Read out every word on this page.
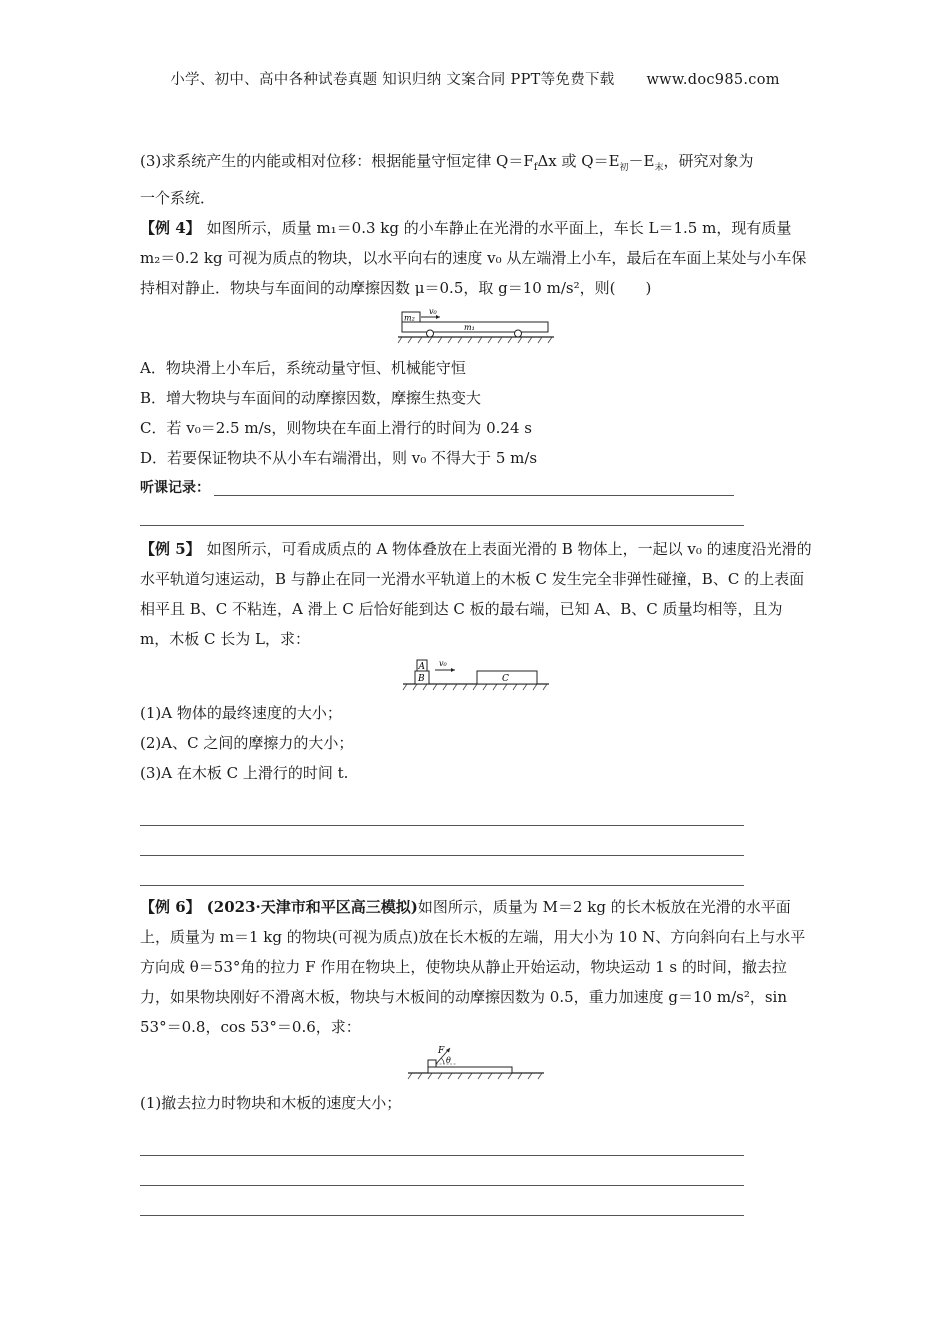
小学、初中、高中各种试卷真题 知识归纳 文案合同 PPT等免费下载 www.doc985.com

(3)求系统产生的内能或相对位移：根据能量守恒定律 $Q=F_f\Delta x$ 或 $Q=E_初-E_末$，研究对象为
一个系统．

【例 4】 如图所示，质量 m₁＝0.3 kg 的小车静止在光滑的水平面上，车长 L＝1.5 m，现有质量 m₂＝0.2 kg 可视为质点的物块，以水平向右的速度 v₀ 从左端滑上小车，最后在车面上某处与小车保持相对静止．物块与车面间的动摩擦因数 μ＝0.5，取 g＝10 m/s²，则(　　)

m₂
v₀
m₁

A．物块滑上小车后，系统动量守恒、机械能守恒

B．增大物块与车面间的动摩擦因数，摩擦生热变大

C．若 v₀＝2.5 m/s，则物块在车面上滑行的时间为 0.24 s

D．若要保证物块不从小车右端滑出，则 v₀ 不得大于 5 m/s

听课记录：

【例 5】 如图所示，可看成质点的 A 物体叠放在上表面光滑的 B 物体上，一起以 v₀ 的速度沿光滑的水平轨道匀速运动，B 与静止在同一光滑水平轨道上的木板 C 发生完全非弹性碰撞，B、C 的上表面相平且 B、C 不粘连，A 滑上 C 后恰好能到达 C 板的最右端，已知 A、B、C 质量均相等，且为 m，木板 C 长为 L，求：

B
A v₀
C

(1)A 物体的最终速度的大小；

(2)A、C 之间的摩擦力的大小；

(3)A 在木板 C 上滑行的时间 t.

【例 6】 (2023·天津市和平区高三模拟)如图所示，质量为 M＝2 kg 的长木板放在光滑的水平面上，质量为 m＝1 kg 的物块(可视为质点)放在长木板的左端，用大小为 10 N、方向斜向右上与水平方向成 θ＝53°角的拉力 F 作用在物块上，使物块从静止开始运动，物块运动 1 s 的时间，撤去拉力，如果物块刚好不滑离木板，物块与木板间的动摩擦因数为 0.5，重力加速度 g＝10 m/s²，sin 53°＝0.8，cos 53°＝0.6，求：

F
θ

(1)撤去拉力时物块和木板的速度大小；
